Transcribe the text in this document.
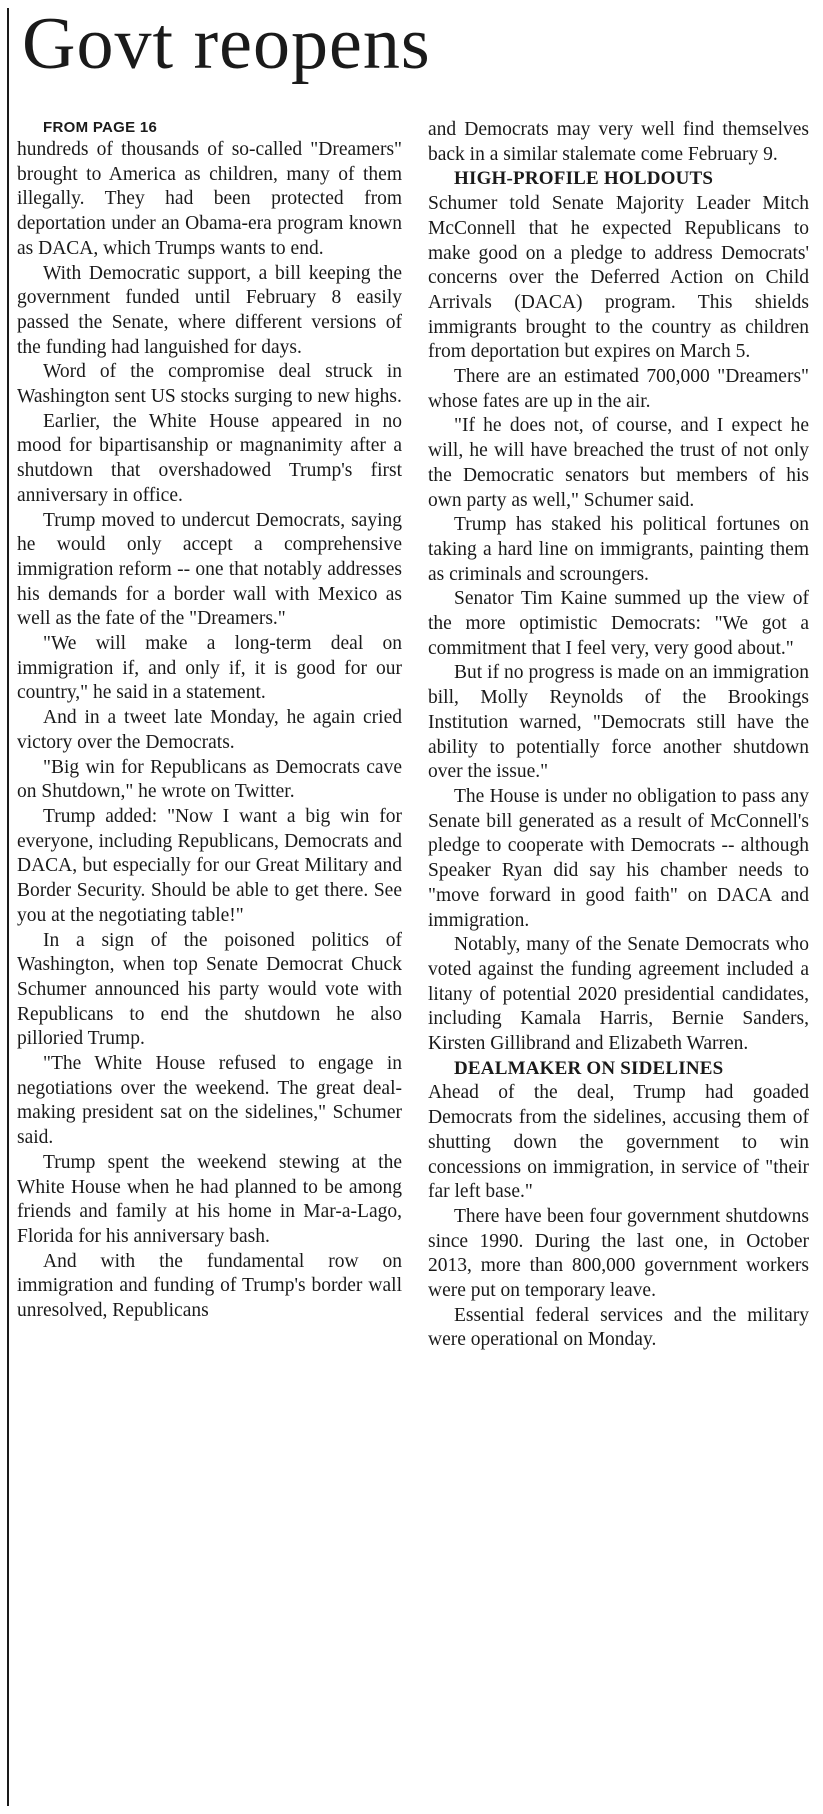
Govt reopens

FROM PAGE 16

hundreds of thousands of so-called "Dreamers" brought to America as children, many of them illegally. They had been protected from deportation under an Obama-era program known as DACA, which Trumps wants to end.

With Democratic support, a bill keeping the government funded until February 8 easily passed the Senate, where different versions of the funding had languished for days.

Word of the compromise deal struck in Washington sent US stocks surging to new highs.

Earlier, the White House appeared in no mood for bipartisanship or magnanimity after a shutdown that overshadowed Trump's first anniversary in office.

Trump moved to undercut Democrats, saying he would only accept a comprehensive immigration reform -- one that notably addresses his demands for a border wall with Mexico as well as the fate of the "Dreamers."

"We will make a long-term deal on immigration if, and only if, it is good for our country," he said in a statement.

And in a tweet late Monday, he again cried victory over the Democrats.

"Big win for Republicans as Democrats cave on Shutdown," he wrote on Twitter.

Trump added: "Now I want a big win for everyone, including Republicans, Democrats and DACA, but especially for our Great Military and Border Security. Should be able to get there. See you at the negotiating table!"

In a sign of the poisoned politics of Washington, when top Senate Democrat Chuck Schumer announced his party would vote with Republicans to end the shutdown he also pilloried Trump.

"The White House refused to engage in negotiations over the weekend. The great deal-making president sat on the sidelines," Schumer said.

Trump spent the weekend stewing at the White House when he had planned to be among friends and family at his home in Mar-a-Lago, Florida for his anniversary bash.

And with the fundamental row on immigration and funding of Trump's border wall unresolved, Republicans

and Democrats may very well find themselves back in a similar stalemate come February 9.

HIGH-PROFILE HOLDOUTS

Schumer told Senate Majority Leader Mitch McConnell that he expected Republicans to make good on a pledge to address Democrats' concerns over the Deferred Action on Child Arrivals (DACA) program. This shields immigrants brought to the country as children from deportation but expires on March 5.

There are an estimated 700,000 "Dreamers" whose fates are up in the air.

"If he does not, of course, and I expect he will, he will have breached the trust of not only the Democratic senators but members of his own party as well," Schumer said.

Trump has staked his political fortunes on taking a hard line on immigrants, painting them as criminals and scroungers.

Senator Tim Kaine summed up the view of the more optimistic Democrats: "We got a commitment that I feel very, very good about."

But if no progress is made on an immigration bill, Molly Reynolds of the Brookings Institution warned, "Democrats still have the ability to potentially force another shutdown over the issue."

The House is under no obligation to pass any Senate bill generated as a result of McConnell's pledge to cooperate with Democrats -- although Speaker Ryan did say his chamber needs to "move forward in good faith" on DACA and immigration.

Notably, many of the Senate Democrats who voted against the funding agreement included a litany of potential 2020 presidential candidates, including Kamala Harris, Bernie Sanders, Kirsten Gillibrand and Elizabeth Warren.

DEALMAKER ON SIDELINES

Ahead of the deal, Trump had goaded Democrats from the sidelines, accusing them of shutting down the government to win concessions on immigration, in service of "their far left base."

There have been four government shutdowns since 1990. During the last one, in October 2013, more than 800,000 government workers were put on temporary leave.

Essential federal services and the military were operational on Monday.
